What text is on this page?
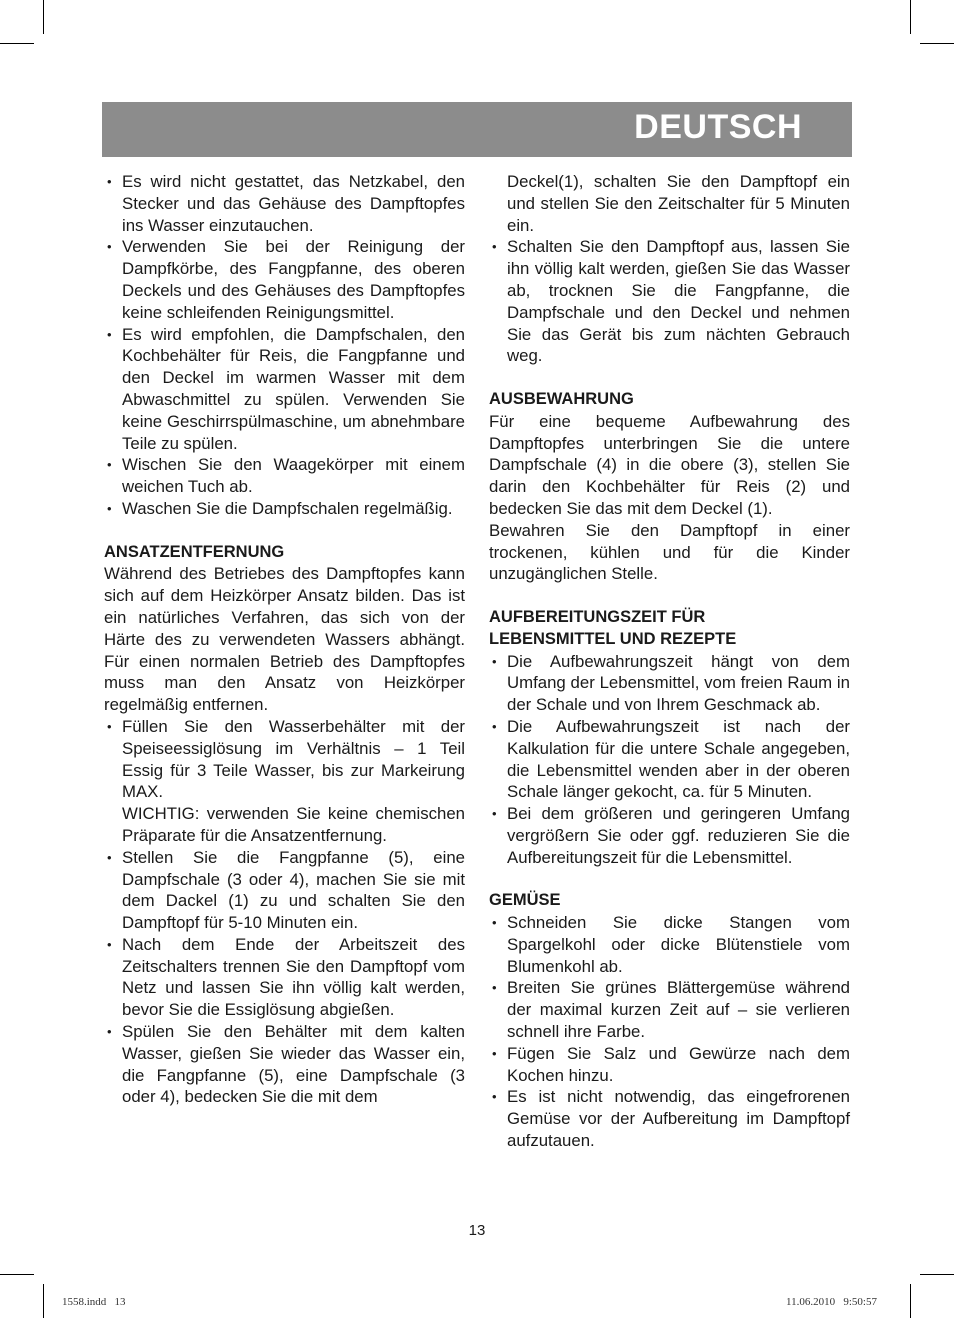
DEUTSCH
• Es wird nicht gestattet, das Netzkabel, den Stecker und das Gehäuse des Dampftopfes ins Wasser einzutauchen.
• Verwenden Sie bei der Reinigung der Dampfkörbe, des Fangpfanne, des oberen Deckels und des Gehäuses des Dampftopfes keine schleifenden Reinigungsmittel.
• Es wird empfohlen, die Dampfschalen, den Kochbehälter für Reis, die Fangpfanne und den Deckel im warmen Wasser mit dem Abwaschmittel zu spülen. Verwenden Sie keine Geschirrspülmaschine, um abnehmbare Teile zu spülen.
• Wischen Sie den Waagekörper mit einem weichen Tuch ab.
• Waschen Sie die Dampfschalen regelmäßig.
ANSATZENTFERNUNG

Während des Betriebes des Dampftopfes kann sich auf dem Heizkörper Ansatz bilden. Das ist ein natürliches Verfahren, das sich von der Härte des zu verwendeten Wassers abhängt. Für einen normalen Betrieb des Dampftopfes muss man den Ansatz von Heizkörper regelmäßig entfernen.

• Füllen Sie den Wasserbehälter mit der Speiseessiglösung im Verhältnis – 1 Teil Essig für 3 Teile Wasser, bis zur Markeirung MAX.
WICHTIG: verwenden Sie keine chemischen Präparate für die Ansatzentfernung.
• Stellen Sie die Fangpfanne (5), eine Dampfschale (3 oder 4), machen Sie sie mit dem Dackel (1) zu und schalten Sie den Dampftopf für 5-10 Minuten ein.
• Nach dem Ende der Arbeitszeit des Zeitschalters trennen Sie den Dampftopf vom Netz und lassen Sie ihn völlig kalt werden, bevor Sie die Essiglösung abgießen.
• Spülen Sie den Behälter mit dem kalten Wasser, gießen Sie wieder das Wasser ein, die Fangpfanne (5), eine Dampfschale (3 oder 4), bedecken Sie die mit dem
Deckel(1), schalten Sie den Dampftopf ein und stellen Sie den Zeitschalter für 5 Minuten ein.
• Schalten Sie den Dampftopf aus, lassen Sie ihn völlig kalt werden, gießen Sie das Wasser ab, trocknen Sie die Fangpfanne, die Dampfschale und den Deckel und nehmen Sie das Gerät bis zum nächten Gebrauch weg.
AUSBEWAHRUNG

Für eine bequeme Aufbewahrung des Dampftopfes unterbringen Sie die untere Dampfschale (4) in die obere (3), stellen Sie darin den Kochbehälter für Reis (2) und bedecken Sie das mit dem Deckel (1).

Bewahren Sie den Dampftopf in einer trockenen, kühlen und für die Kinder unzugänglichen Stelle.

AUFBEREITUNGSZEIT FÜR
LEBENSMITTEL UND REZEPTE
• Die Aufbewahrungszeit hängt von dem Umfang der Lebensmittel, vom freien Raum in der Schale und von Ihrem Geschmack ab.
• Die Aufbewahrungszeit ist nach der Kalkulation für die untere Schale angegeben, die Lebensmittel wenden aber in der oberen Schale länger gekocht, ca. für 5 Minuten.
• Bei dem größeren und geringeren Umfang vergrößern Sie oder ggf. reduzieren Sie die Aufbereitungszeit für die Lebensmittel.
GEMÜSE
• Schneiden Sie dicke Stangen vom Spargelkohl oder dicke Blütenstiele vom Blumenkohl ab.
• Breiten Sie grünes Blättergemüse während der maximal kurzen Zeit auf – sie verlieren schnell ihre Farbe.
• Fügen Sie Salz und Gewürze nach dem Kochen hinzu.
• Es ist nicht notwendig, das eingefrorenen Gemüse vor der Aufbereitung im Dampftopf aufzutauen.
13
1558.indd   13	11.06.2010   9:50:57
